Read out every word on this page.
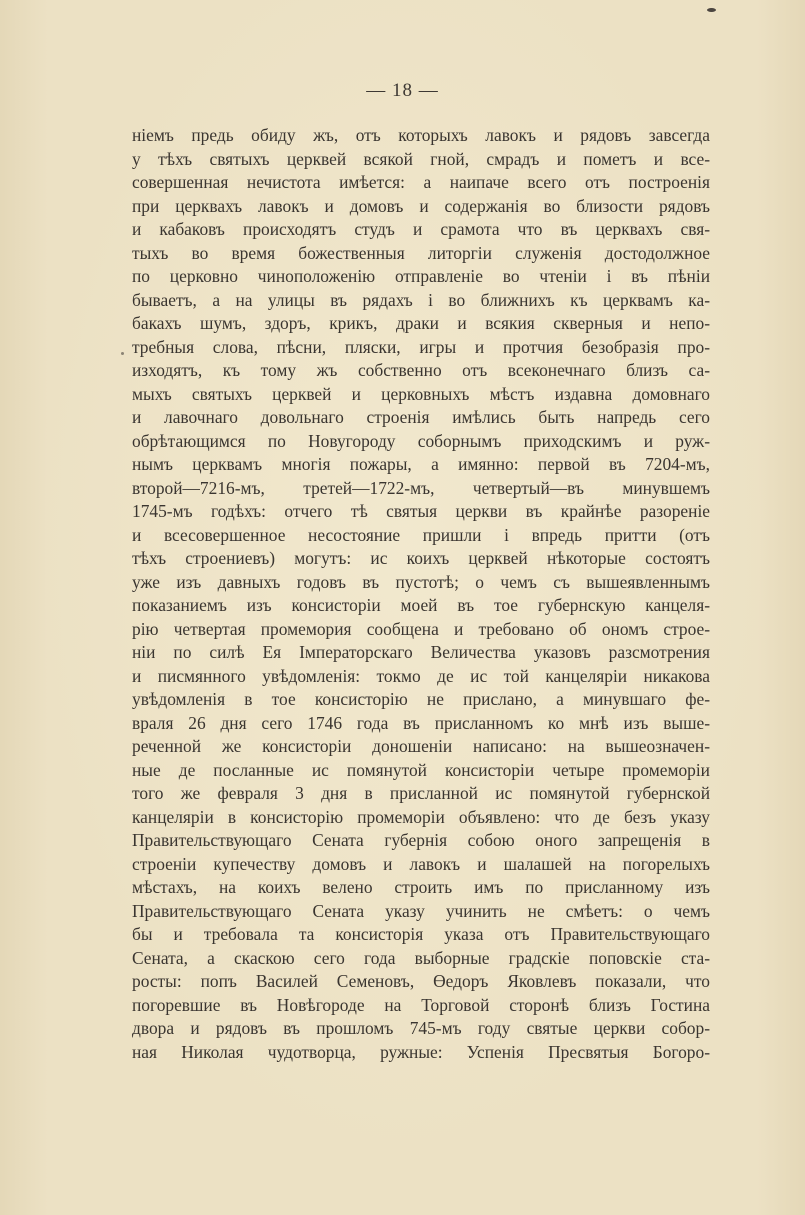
— 18 —
ніемъ предь обиду жъ, отъ которыхъ лавокъ и рядовъ завсегда
у тѣхъ святыхъ церквей всякой гной, смрадъ и пометъ и все-
совершенная нечистота имѣется: а наипаче всего отъ построенія
при церквахъ лавокъ и домовъ и содержанія во близости рядовъ
и кабаковъ происходятъ студъ и срамота что въ церквахъ свя-
тыхъ во время божественныя литоргіи служенія достодолжное
по церковно чиноположенію отправленіе во чтеніи і въ пѣніи
бываетъ, а на улицы въ рядахъ і во ближнихъ къ церквамъ ка-
бакахъ шумъ, здоръ, крикъ, драки и всякия скверныя и непо-
требныя слова, пѣсни, пляски, игры и протчия безобразія про-
изходятъ, къ тому жъ собственно отъ всеконечнаго близъ са-
мыхъ святыхъ церквей и церковныхъ мѣстъ издавна домовнаго
и лавочнаго довольнаго строенія имѣлись быть напредь сего
обрѣтающимся по Новугороду соборнымъ приходскимъ и руж-
нымъ церквамъ многія пожары, а имянно: первой въ 7204-мъ,
второй—7216-мъ, третей—1722-мъ, четвертый—въ минувшемъ
1745-мъ годѣхъ: отчего тѣ святыя церкви въ крайнѣе разореніе
и всесовершенное несостояние пришли і впредь притти (отъ
тѣхъ строениевъ) могутъ: ис коихъ церквей нѣкоторые состоятъ
уже изъ давныхъ годовъ въ пустотѣ; о чемъ съ вышеявленнымъ
показаниемъ изъ консисторіи моей въ тое губернскую канцеля-
рію четвертая промемория сообщена и требовано об ономъ строе-
ніи по силѣ Ея Імператорскаго Величества указовъ разсмотрения
и писмянного увѣдомленія: токмо де ис той канцеляріи никакова
увѣдомленія в тое консисторію не прислано, а минувшаго фе-
враля 26 дня сего 1746 года въ присланномъ ко мнѣ изъ выше-
реченной же консисторіи доношеніи написано: на вышеозначен-
ные де посланные ис помянутой консисторіи четыре промеморіи
того же февраля 3 дня в присланной ис помянутой губернской
канцеляріи в консисторію промеморіи объявлено: что де безъ указу
Правительствующаго Сената губернія собою оного запрещенія в
строеніи купечеству домовъ и лавокъ и шалашей на погорелыхъ
мѣстахъ, на коихъ велено строить имъ по присланному изъ
Правительствующаго Сената указу учинить не смѣетъ: о чемъ
бы и требовала та консисторія указа отъ Правительствующаго
Сената, а скаскою сего года выборные градскіе поповскіе ста-
росты: попъ Василей Семеновъ, Өедоръ Яковлевъ показали, что
погоревшие въ Новѣгороде на Торговой сторонѣ близъ Гостина
двора и рядовъ въ прошломъ 745-мъ году святые церкви собор-
ная Николая чудотворца, ружные: Успенія Пресвятыя Богоро-
